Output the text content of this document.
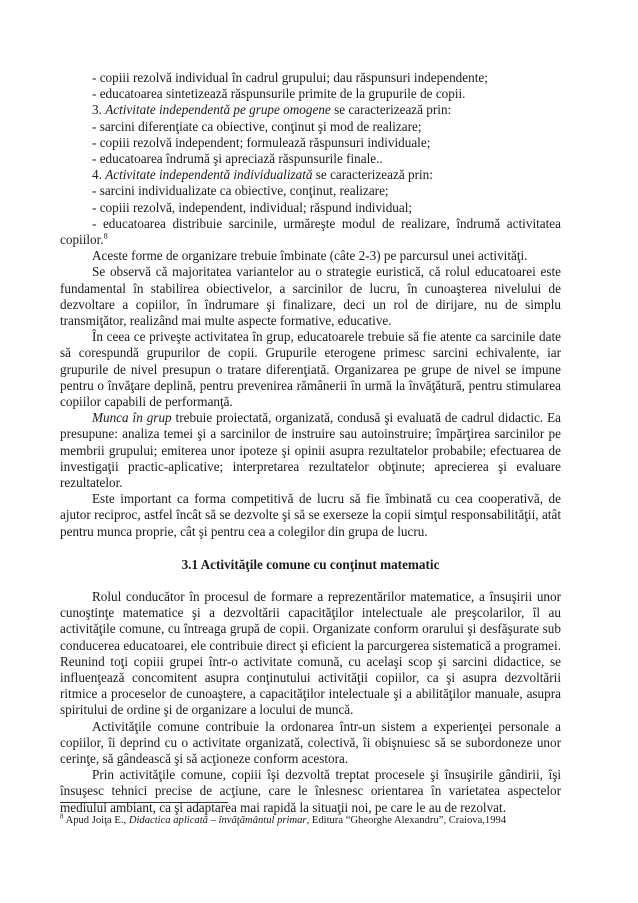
- copiii rezolvă individual în cadrul grupului; dau răspunsuri independente;

- educatoarea sintetizează răspunsurile primite de la grupurile de copii.

3. Activitate independentă pe grupe omogene se caracterizează prin:

- sarcini diferenţiate ca obiective, conţinut şi mod de realizare;

- copiii rezolvă independent; formulează răspunsuri individuale;

- educatoarea îndrumă şi apreciază răspunsurile finale..

4. Activitate independentă individualizată se caracterizează prin:

- sarcini individualizate ca obiective, conţinut, realizare;

- copiii rezolvă, independent, individual; răspund individual;

- educatoarea distribuie sarcinile, urmăreşte modul de realizare, îndrumă activitatea copiilor.$^8$

Aceste forme de organizare trebuie îmbinate (câte 2-3) pe parcursul unei activităţi.

Se observă că majoritatea variantelor au o strategie euristică, că rolul educatoarei este fundamental în stabilirea obiectivelor, a sarcinilor de lucru, în cunoaşterea nivelului de dezvoltare a copiilor, în îndrumare şi finalizare, deci un rol de dirijare, nu de simplu transmiţător, realizând mai multe aspecte formative, educative.

În ceea ce priveşte activitatea în grup, educatoarele trebuie să fie atente ca sarcinile date să corespundă grupurilor de copii. Grupurile eterogene primesc sarcini echivalente, iar grupurile de nivel presupun o tratare diferenţiată. Organizarea pe grupe de nivel se impune pentru o învăţare deplină, pentru prevenirea rămânerii în urmă la învăţătură, pentru stimularea copiilor capabili de performanţă.

Munca în grup trebuie proiectată, organizată, condusă şi evaluată de cadrul didactic. Ea presupune: analiza temei şi a sarcinilor de instruire sau autoinstruire; împărţirea sarcinilor pe membrii grupului; emiterea unor ipoteze şi opinii asupra rezultatelor probabile; efectuarea de investigaţii practic-aplicative; interpretarea rezultatelor obţinute; aprecierea şi evaluare rezultatelor.

Este important ca forma competitivă de lucru să fie îmbinată cu cea cooperativă, de ajutor reciproc, astfel încât să se dezvolte şi să se exerseze la copii simţul responsabilităţii, atât pentru munca proprie, cât şi pentru cea a colegilor din grupa de lucru.

3.1 Activităţile comune cu conţinut matematic

Rolul conducător în procesul de formare a reprezentărilor matematice, a însuşirii unor cunoştinţe matematice şi a dezvoltării capacităţilor intelectuale ale preşcolarilor, îl au activităţile comune, cu întreaga grupă de copii. Organizate conform orarului şi desfăşurate sub conducerea educatoarei, ele contribuie direct şi eficient la parcurgerea sistematică a programei. Reunind toţi copiii grupei într-o activitate comună, cu acelaşi scop şi sarcini didactice, se influenţează concomitent asupra conţinutului activităţii copiilor, ca şi asupra dezvoltării ritmice a proceselor de cunoaştere, a capacităţilor intelectuale şi a abilităţilor manuale, asupra spiritului de ordine şi de organizare a locului de muncă.

Activităţile comune contribuie la ordonarea într-un sistem a experienţei personale a copiilor, îi deprind cu o activitate organizată, colectivă, îi obişnuiesc să se subordoneze unor cerinţe, să gândească şi să acţioneze conform acestora.

Prin activităţile comune, copiii îşi dezvoltă treptat procesele şi însuşirile gândirii, îşi însuşesc tehnici precise de acţiune, care le înlesnesc orientarea în varietatea aspectelor mediului ambiant, ca şi adaptarea mai rapidă la situaţii noi, pe care le au de rezolvat.

$^8$ Apud Joiţa E., Didactica aplicată – învăţământul primar, Editura “Gheorghe Alexandru”, Craiova,1994
